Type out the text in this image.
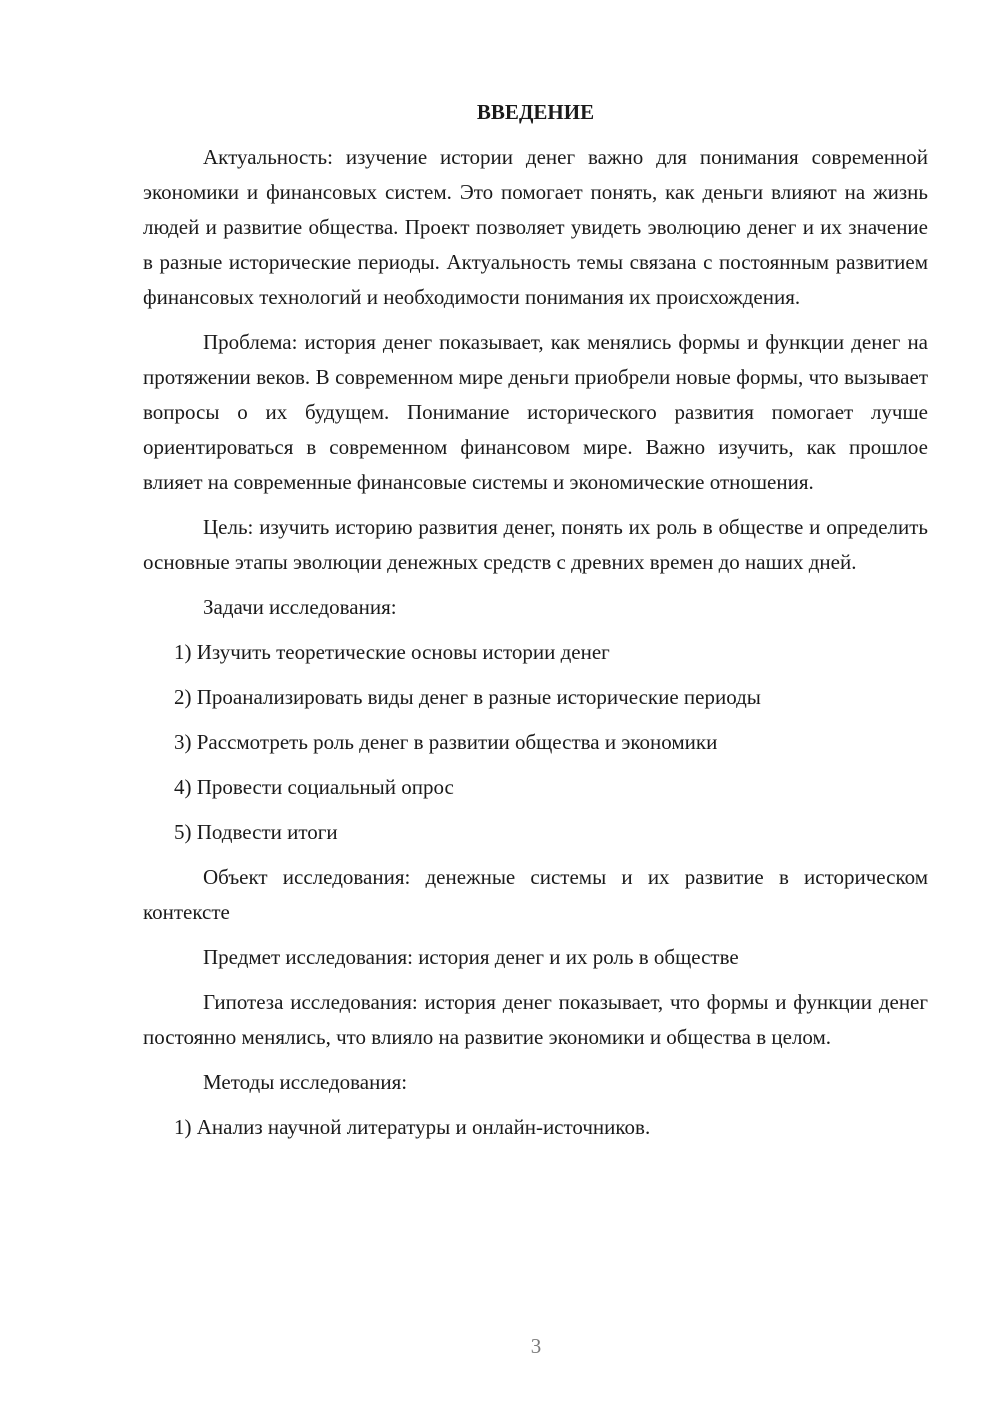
ВВЕДЕНИЕ

Актуальность: изучение истории денег важно для понимания современной экономики и финансовых систем. Это помогает понять, как деньги влияют на жизнь людей и развитие общества. Проект позволяет увидеть эволюцию денег и их значение в разные исторические периоды. Актуальность темы связана с постоянным развитием финансовых технологий и необходимости понимания их происхождения.

Проблема: история денег показывает, как менялись формы и функции денег на протяжении веков. В современном мире деньги приобрели новые формы, что вызывает вопросы о их будущем. Понимание исторического развития помогает лучше ориентироваться в современном финансовом мире. Важно изучить, как прошлое влияет на современные финансовые системы и экономические отношения.

Цель: изучить историю развития денег, понять их роль в обществе и определить основные этапы эволюции денежных средств с древних времен до наших дней.

Задачи исследования:

1) Изучить теоретические основы истории денег
2) Проанализировать виды денег в разные исторические периоды
3) Рассмотреть роль денег в развитии общества и экономики
4) Провести социальный опрос
5) Подвести итоги

Объект исследования: денежные системы и их развитие в историческом контексте

Предмет исследования: история денег и их роль в обществе

Гипотеза исследования: история денег показывает, что формы и функции денег постоянно менялись, что влияло на развитие экономики и общества в целом.

Методы исследования:

1) Анализ научной литературы и онлайн-источников.
3
